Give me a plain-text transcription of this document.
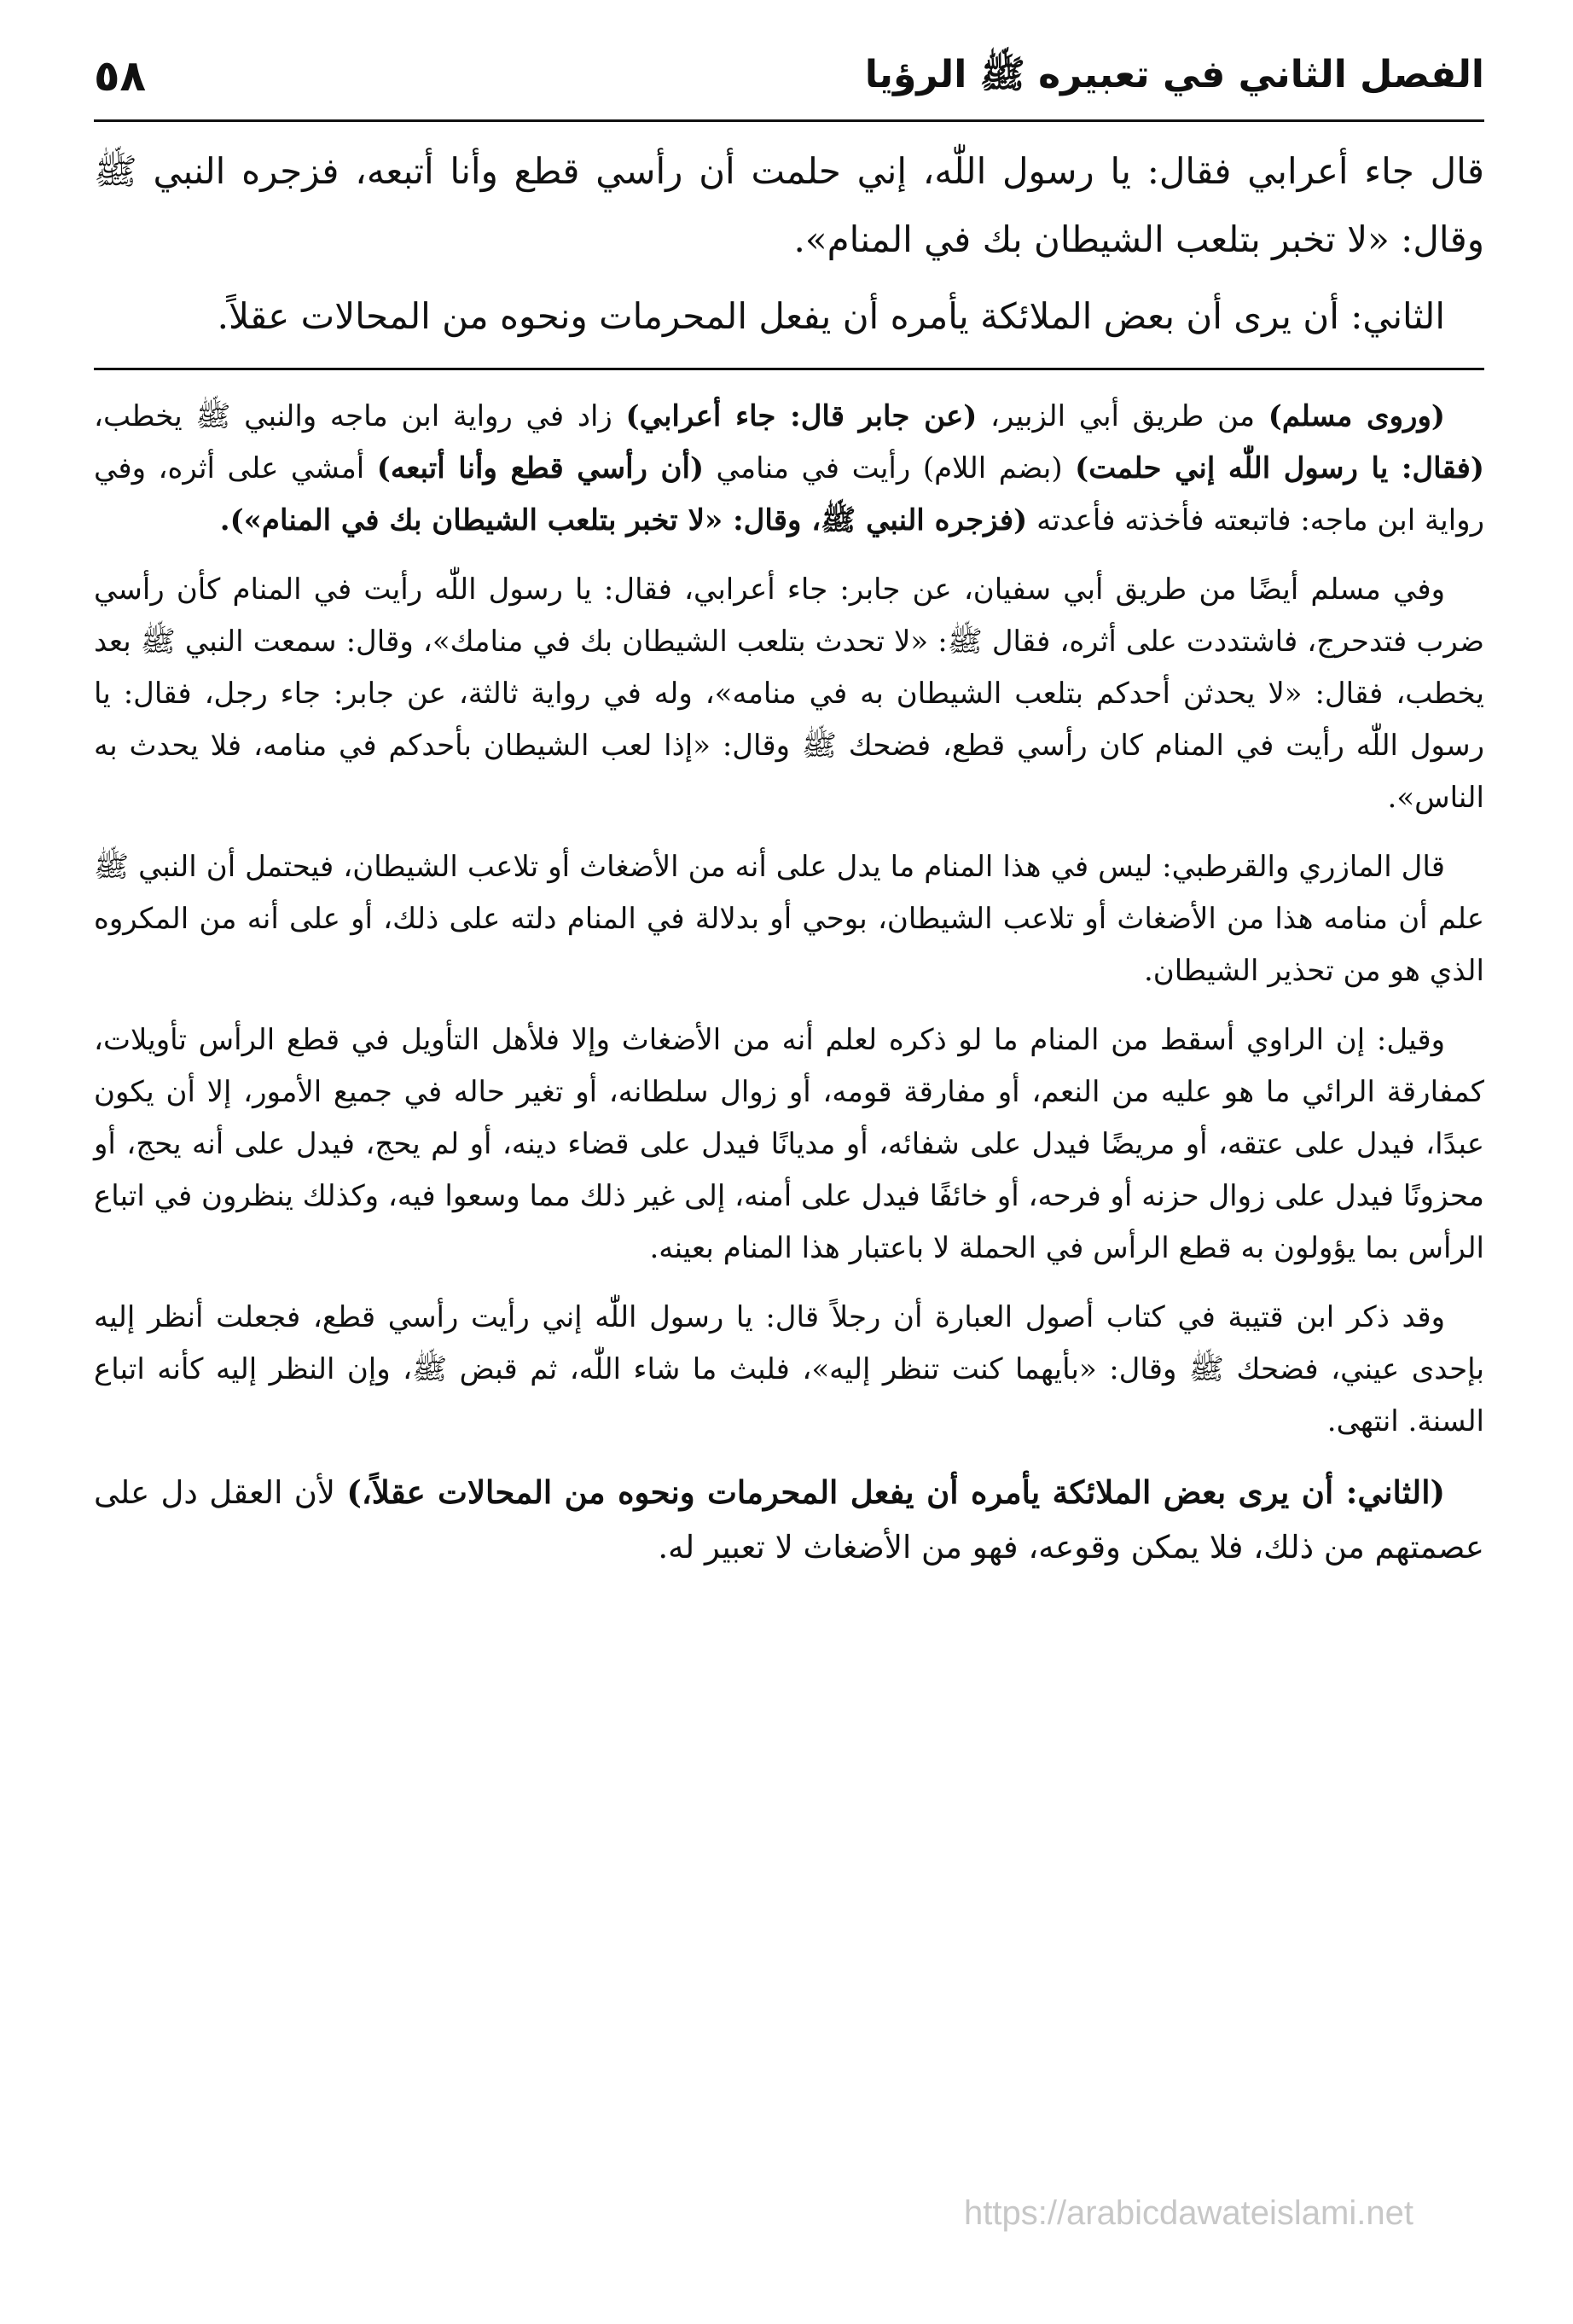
الفصل الثاني في تعبيره ﷺ الرؤيا
٥٨

قال جاء أعرابي فقال: يا رسول اللّٰه، إني حلمت أن رأسي قطع وأنا أتبعه، فزجره النبي ﷺ وقال: «لا تخبر بتلعب الشيطان بك في المنام».

الثاني: أن يرى أن بعض الملائكة يأمره أن يفعل المحرمات ونحوه من المحالات عقلاً.

(وروى مسلم) من طريق أبي الزبير، (عن جابر قال: جاء أعرابي) زاد في رواية ابن ماجه والنبي ﷺ يخطب، (فقال: يا رسول اللّٰه إني حلمت) (بضم اللام) رأيت في منامي (أن رأسي قطع وأنا أتبعه) أمشي على أثره، وفي رواية ابن ماجه: فاتبعته فأخذته فأعدته (فزجره النبي ﷺ، وقال: «لا تخبر بتلعب الشيطان بك في المنام»).

وفي مسلم أيضًا من طريق أبي سفيان، عن جابر: جاء أعرابي، فقال: يا رسول اللّٰه رأيت في المنام كأن رأسي ضرب فتدحرج، فاشتددت على أثره، فقال ﷺ: «لا تحدث بتلعب الشيطان بك في منامك»، وقال: سمعت النبي ﷺ بعد يخطب، فقال: «لا يحدثن أحدكم بتلعب الشيطان به في منامه»، وله في رواية ثالثة، عن جابر: جاء رجل، فقال: يا رسول اللّٰه رأيت في المنام كان رأسي قطع، فضحك ﷺ وقال: «إذا لعب الشيطان بأحدكم في منامه، فلا يحدث به الناس».

قال المازري والقرطبي: ليس في هذا المنام ما يدل على أنه من الأضغاث أو تلاعب الشيطان، فيحتمل أن النبي ﷺ علم أن منامه هذا من الأضغاث أو تلاعب الشيطان، بوحي أو بدلالة في المنام دلته على ذلك، أو على أنه من المكروه الذي هو من تحذير الشيطان.

وقيل: إن الراوي أسقط من المنام ما لو ذكره لعلم أنه من الأضغاث وإلا فلأهل التأويل في قطع الرأس تأويلات، كمفارقة الرائي ما هو عليه من النعم، أو مفارقة قومه، أو زوال سلطانه، أو تغير حاله في جميع الأمور، إلا أن يكون عبدًا، فيدل على عتقه، أو مريضًا فيدل على شفائه، أو مديانًا فيدل على قضاء دينه، أو لم يحج، فيدل على أنه يحج، أو محزونًا فيدل على زوال حزنه أو فرحه، أو خائفًا فيدل على أمنه، إلى غير ذلك مما وسعوا فيه، وكذلك ينظرون في اتباع الرأس بما يؤولون به قطع الرأس في الحملة لا باعتبار هذا المنام بعينه.

وقد ذكر ابن قتيبة في كتاب أصول العبارة أن رجلاً قال: يا رسول اللّٰه إني رأيت رأسي قطع، فجعلت أنظر إليه بإحدى عيني، فضحك ﷺ وقال: «بأيهما كنت تنظر إليه»، فلبث ما شاء اللّٰه، ثم قبض ﷺ، وإن النظر إليه كأنه اتباع السنة. انتهى.

(الثاني: أن يرى بعض الملائكة يأمره أن يفعل المحرمات ونحوه من المحالات عقلاً،) لأن العقل دل على عصمتهم من ذلك، فلا يمكن وقوعه، فهو من الأضغاث لا تعبير له.

https://arabicdawateislami.net
